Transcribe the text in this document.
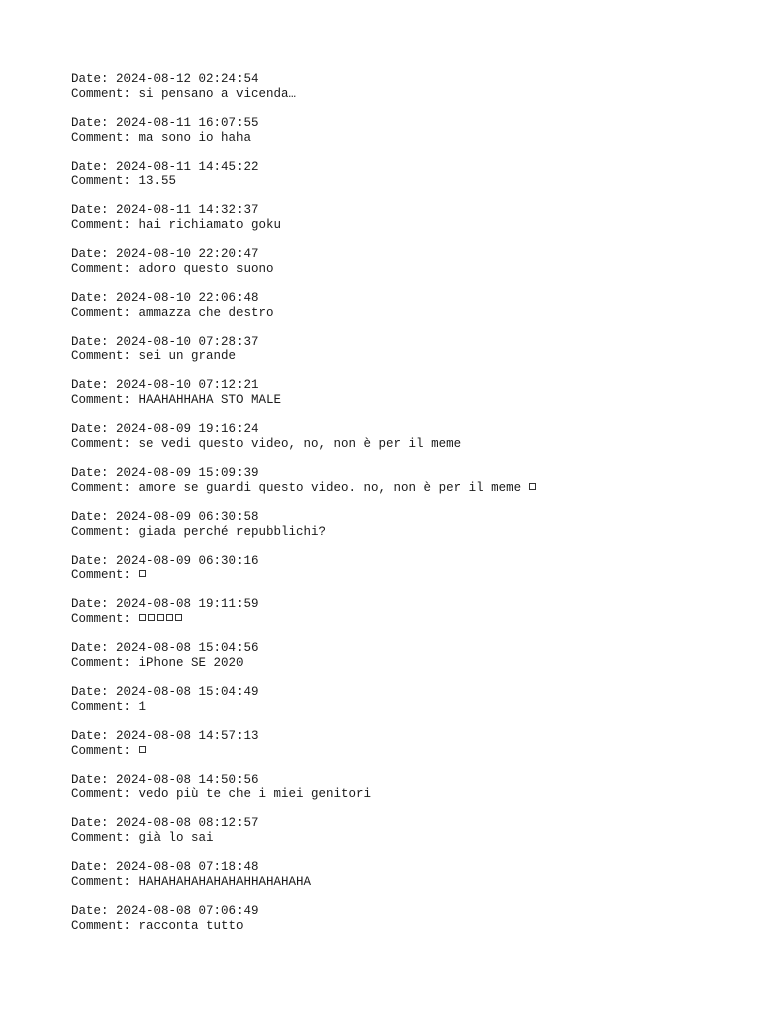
Date: 2024-08-12 02:24:54
Comment: si pensano a vicenda…
Date: 2024-08-11 16:07:55
Comment: ma sono io haha
Date: 2024-08-11 14:45:22
Comment: 13.55
Date: 2024-08-11 14:32:37
Comment: hai richiamato goku
Date: 2024-08-10 22:20:47
Comment: adoro questo suono
Date: 2024-08-10 22:06:48
Comment: ammazza che destro
Date: 2024-08-10 07:28:37
Comment: sei un grande
Date: 2024-08-10 07:12:21
Comment: HAAHAHHAHA STO MALE
Date: 2024-08-09 19:16:24
Comment: se vedi questo video, no, non è per il meme
Date: 2024-08-09 15:09:39
Comment: amore se guardi questo video. no, non è per il meme
Date: 2024-08-09 06:30:58
Comment: giada perché repubblichi?
Date: 2024-08-09 06:30:16
Comment:
Date: 2024-08-08 19:11:59
Comment:
Date: 2024-08-08 15:04:56
Comment: iPhone SE 2020
Date: 2024-08-08 15:04:49
Comment: 1
Date: 2024-08-08 14:57:13
Comment:
Date: 2024-08-08 14:50:56
Comment: vedo più te che i miei genitori
Date: 2024-08-08 08:12:57
Comment: già lo sai
Date: 2024-08-08 07:18:48
Comment: HAHAHAHAHAHAHAHHAHAHAHA
Date: 2024-08-08 07:06:49
Comment: racconta tutto
